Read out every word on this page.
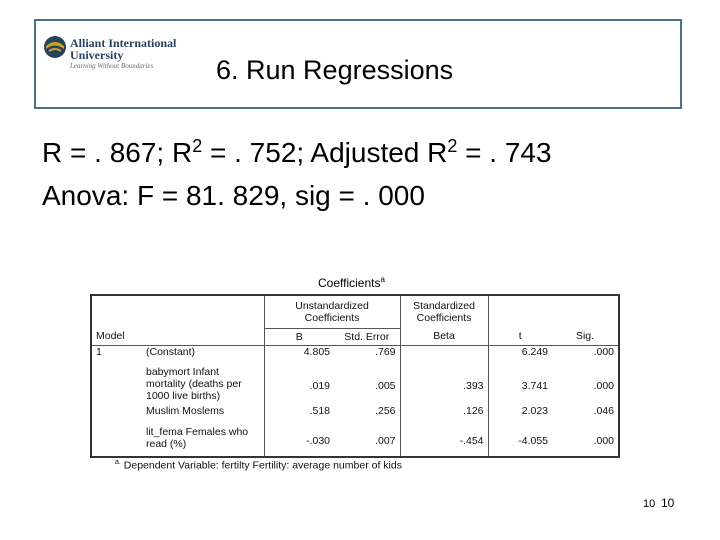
Alliant International
University
Learning Without Boundaries 6. Run Regressions
R = . 867; $R^2$ = . 752; Adjusted $R^2$ = . 743
Anova: F = 81. 829, sig = . 000
Coefficients$^a$
		Unstandardized Coefficients		Standardized Coefficients		
Model		B	Std. Error	Beta	t	Sig.
1	(Constant)	4.805	.769		6.249	.000
	babymort Infant mortality (deaths per 1000 live births)	.019	.005	.393	3.741	.000
	Muslim Moslems	.518	.256	.126	2.023	.046
	lit_fema Females who read (%)	-.030	.007	-.454	-4.055	.000
$^{a.}$ Dependent Variable: fertilty Fertility: average number of kids
10 10
